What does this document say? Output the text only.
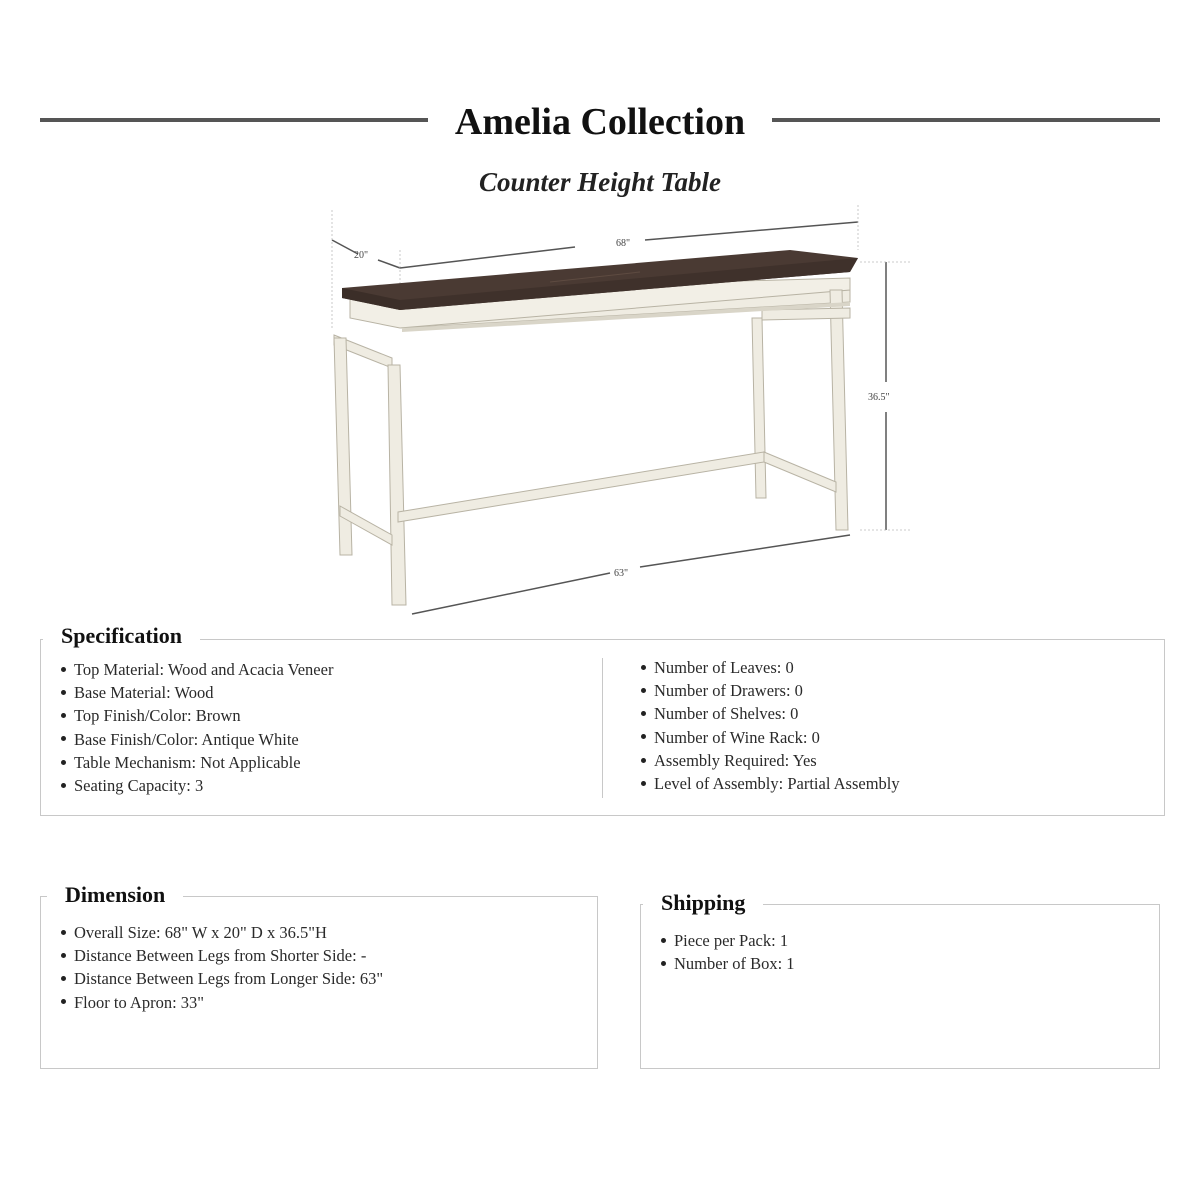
Amelia Collection
Counter Height Table
20"
68"
36.5"
63"
Specification
Top Material: Wood and Acacia Veneer
Base Material: Wood
Top Finish/Color: Brown
Base Finish/Color: Antique White
Table Mechanism: Not Applicable
Seating Capacity: 3
Number of Leaves: 0
Number of Drawers: 0
Number of Shelves: 0
Number of Wine Rack: 0
Assembly Required: Yes
Level of Assembly: Partial Assembly
Dimension
Overall Size: 68" W x 20" D x 36.5"H
Distance Between Legs from Shorter Side: -
Distance Between Legs from Longer Side: 63"
Floor to Apron: 33"
Shipping
Piece per Pack: 1
Number of Box: 1
